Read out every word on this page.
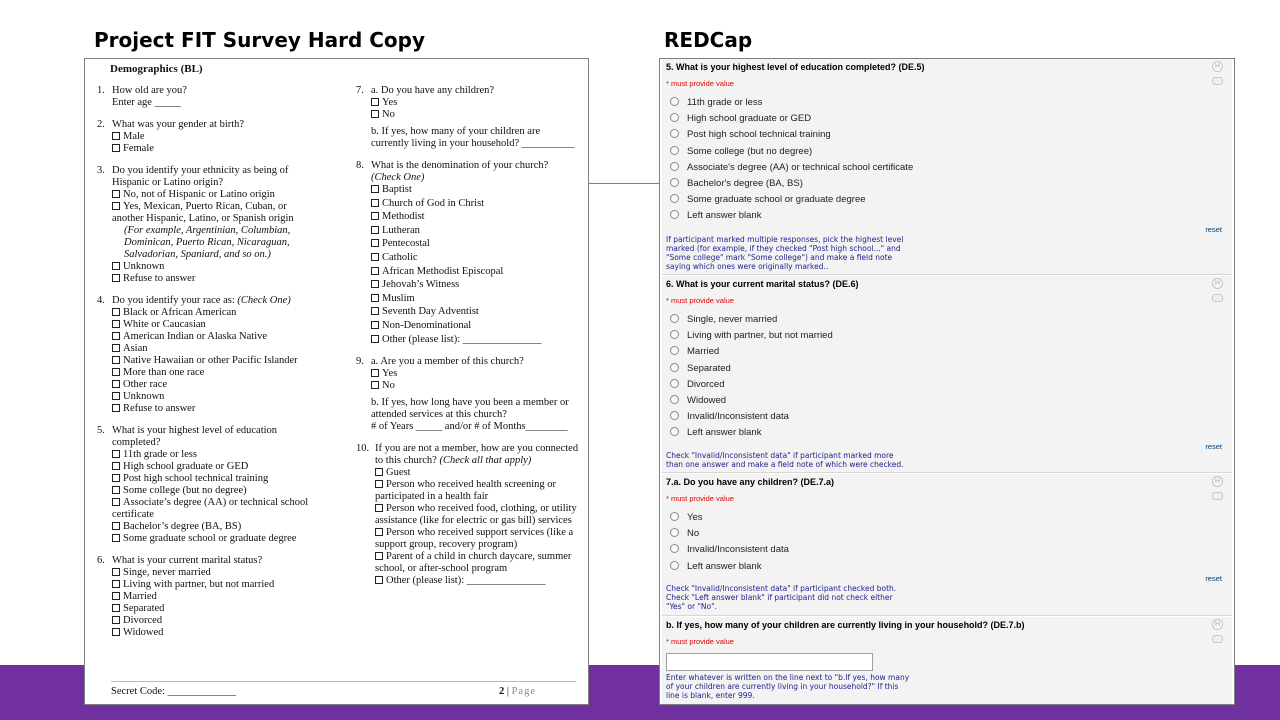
Project FIT Survey Hard Copy	REDCap
Demographics (BL)
1. How old are you?
Enter age _____
2. What was your gender at birth?
Male
Female
3. Do you identify your ethnicity as being of
Hispanic or Latino origin?
No, not of Hispanic or Latino origin
Yes, Mexican, Puerto Rican, Cuban, or
another Hispanic, Latino, or Spanish origin
(For example, Argentinian, Columbian,
Dominican, Puerto Rican, Nicaraguan,
Salvadorian, Spaniard, and so on.)
Unknown
Refuse to answer
4. Do you identify your race as: (Check One)
Black or African American
White or Caucasian
American Indian or Alaska Native
Asian
Native Hawaiian or other Pacific Islander
More than one race
Other race
Unknown
Refuse to answer
5. What is your highest level of education
completed?
11th grade or less
High school graduate or GED
Post high school technical training
Some college (but no degree)
Associate’s degree (AA) or technical school
certificate
Bachelor’s degree (BA, BS)
Some graduate school or graduate degree
6. What is your current marital status?
Singe, never married
Living with partner, but not married
Married
Separated
Divorced
Widowed
7. a. Do you have any children?
Yes
No
b. If yes, how many of your children are
currently living in your household? __________
8. What is the denomination of your church?
(Check One)
Baptist
Church of God in Christ
Methodist
Lutheran
Pentecostal
Catholic
African Methodist Episcopal
Jehovah’s Witness
Muslim
Seventh Day Adventist
Non-Denominational
Other (please list): _______________
9. a. Are you a member of this church?
Yes
No
b. If yes, how long have you been a member or
attended services at this church?
# of Years _____ and/or # of Months________
10. If you are not a member, how are you connected
to this church? (Check all that apply)
Guest
Person who received health screening or
participated in a health fair
Person who received food, clothing, or utility
assistance (like for electric or gas bill) services
Person who received support services (like a
support group, recovery program)
Parent of a child in church daycare, summer
school, or after-school program
Other (please list): _______________
Secret Code: _____________	2 | Page
5. What is your highest level of education completed? (DE.5)
* must provide value
H
11th grade or less
High school graduate or GED
Post high school technical training
Some college (but no degree)
Associate's degree (AA) or technical school certificate
Bachelor's degree (BA, BS)
Some graduate school or graduate degree
Left answer blank
reset
If participant marked multiple responses, pick the highest level
marked (for example, if they checked "Post high school..." and
"Some college" mark "Some college") and make a field note
saying which ones were originally marked..
6. What is your current marital status? (DE.6)
* must provide value
H
Single, never married
Living with partner, but not married
Married
Separated
Divorced
Widowed
Invalid/Inconsistent data
Left answer blank
reset
Check "Invalid/Inconsistent data" if participant marked more
than one answer and make a field note of which were checked.
7.a. Do you have any children? (DE.7.a)
* must provide value
H
Yes
No
Invalid/Inconsistent data
Left answer blank
reset
Check "Invalid/Inconsistent data" if participant checked both.
Check "Left answer blank" if participant did not check either
"Yes" or "No".
b. If yes, how many of your children are currently living in your household? (DE.7.b)
* must provide value
H
Enter whatever is written on the line next to "b.If yes, how many
of your children are currently living in your household?" If this
line is blank, enter 999.
